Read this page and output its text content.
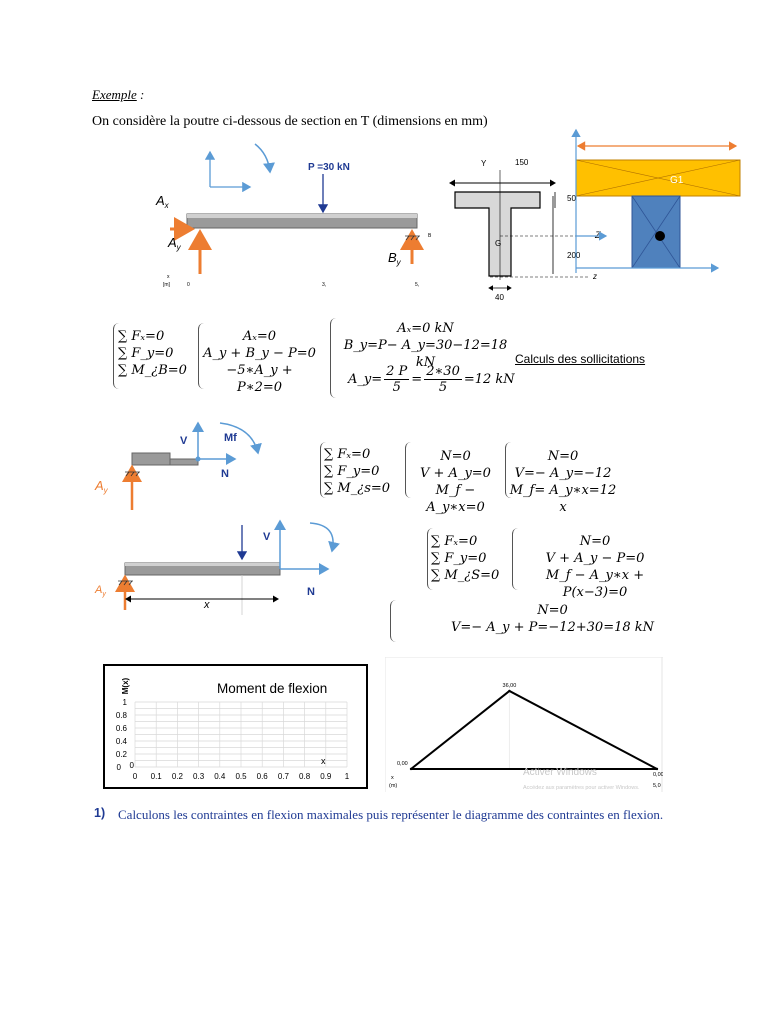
Exemple :
On considère la poutre ci-dessous de section en T (dimensions en mm)
P =30 kN
B
$A_x$
$A_y$
$B_y$
x
[m]	0	3,	5,
Y	150
G
50
Z
200
z
40
G1
∑ Fₓ=0
∑ F_y=0
∑ M_¿B=0
Aₓ=0
A_y + B_y − P=0
−5∗A_y + P∗2=0
Aₓ=0 kN
B_y=P− A_y=30−12=18 kN
A_y= $\frac{2 P}{5} = \frac{2∗30}{5} =12$ kN
Calculs des sollicitations
V	Mf
N
$A_y$
∑ Fₓ=0
∑ F_y=0
∑ M_¿s=0
N=0
V + A_y=0
M_f − A_y∗x=0
N=0
V=− A_y=−12
M_f= A_y∗x=12 x
V
N
x
$A_y$
∑ Fₓ=0
∑ F_y=0
∑ M_¿S=0
N=0
V + A_y − P=0
M_f − A_y∗x + P(x−3)=0
N=0
V=− A_y + P=−12+30=18 kN
Moment de flexion
M(x)
0 0.1 0.2 0.3 0.4 0.5 0.6 0.7 0.8 0.9 1
0.2
0.4
0.6
0.8
1
0 0	x
36,00
0,00
0,00
5,0
x
(m)
Activer Windows
Accédez aux paramètres pour activer Windows.
1) Calculons les contraintes en flexion maximales puis représenter le diagramme des contraintes en flexion.
